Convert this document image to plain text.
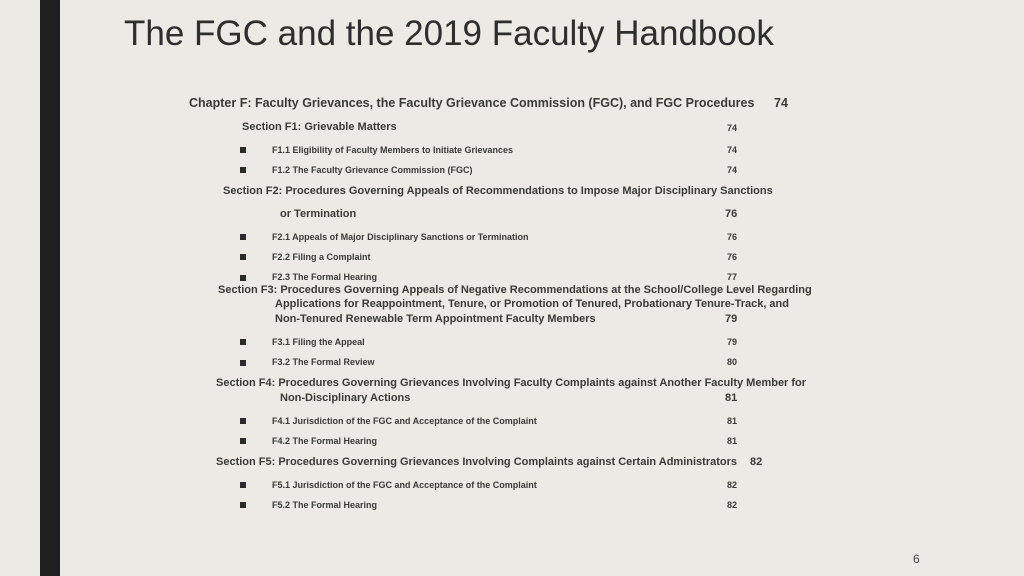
The FGC and the 2019 Faculty Handbook
Chapter F: Faculty Grievances, the Faculty Grievance Commission (FGC), and FGC Procedures 74
Section F1: Grievable Matters	74
F1.1 Eligibility of Faculty Members to Initiate Grievances	74
F1.2 The Faculty Grievance Commission (FGC)	74
Section F2: Procedures Governing Appeals of Recommendations to Impose Major Disciplinary Sanctions
or Termination	76
F2.1 Appeals of Major Disciplinary Sanctions or Termination	76
F2.2 Filing a Complaint	76
F2.3 The Formal Hearing	77
Section F3: Procedures Governing Appeals of Negative Recommendations at the School/College Level Regarding
Applications for Reappointment, Tenure, or Promotion of Tenured, Probationary Tenure-Track, and
Non-Tenured Renewable Term Appointment Faculty Members	79
F3.1 Filing the Appeal	79
F3.2 The Formal Review	80
Section F4: Procedures Governing Grievances Involving Faculty Complaints against Another Faculty Member for
Non-Disciplinary Actions	81
F4.1 Jurisdiction of the FGC and Acceptance of the Complaint	81
F4.2 The Formal Hearing	81
Section F5: Procedures Governing Grievances Involving Complaints against Certain Administrators 82
F5.1 Jurisdiction of the FGC and Acceptance of the Complaint	82
F5.2 The Formal Hearing	82
6
